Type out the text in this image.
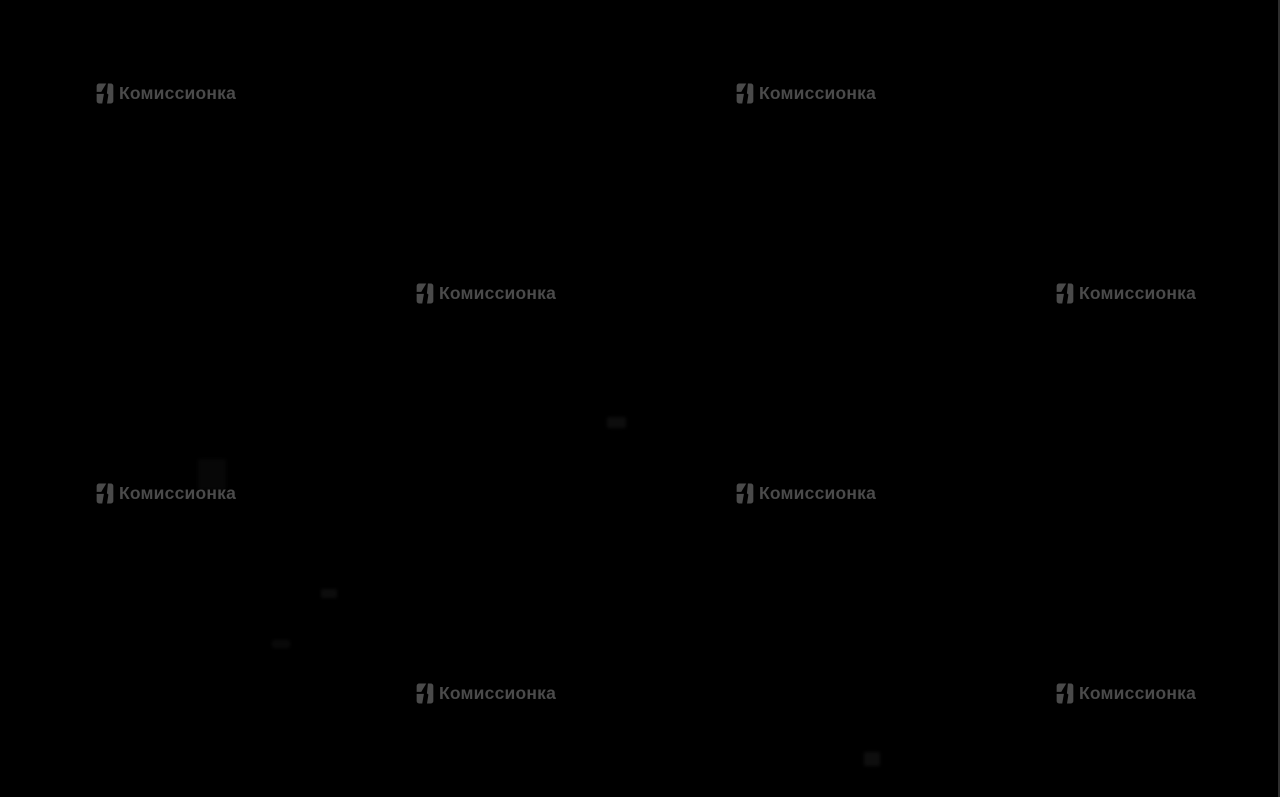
Комиссионка	Комиссионка
Комиссионка	Комиссионка
Комиссионка	Комиссионка
Комиссионка	Комиссионка
